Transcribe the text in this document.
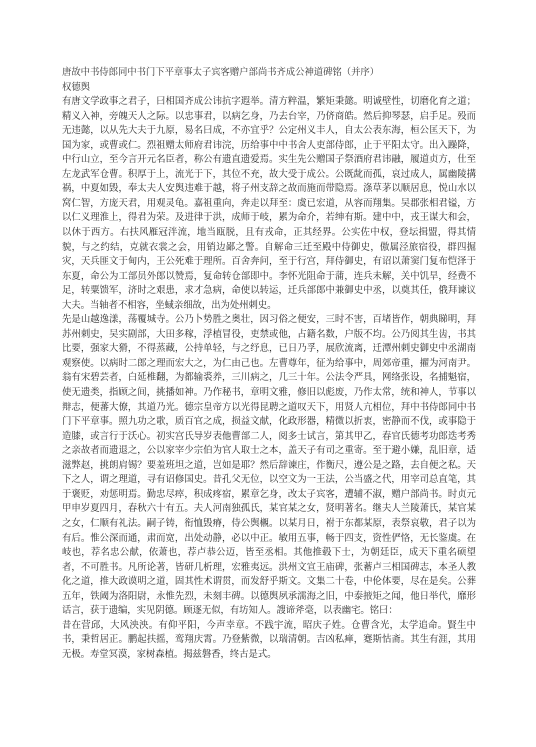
唐故中书侍郎同中书门下平章事太子宾客赠户部尚书齐成公神道碑铭（并序）

权德舆

有唐文学政事之君子，曰相国齐成公讳抗字遐举。清方粹温，繁矩秉懿。明诚壁性，切磨化育之道；精义入神，旁魄天人之际。以忠事君，以病乞身，乃去台宰，乃侪商皓。然后抑琴瑟，启手足。殁而无违懿，以从先大夫于九原，易名曰成，不亦宜乎？公定州义丰人，自太公表东海，桓公匡天下，为国为家，或曹或仁。烈祖赠太师府君讳浣，历给事中中书舍人吏部侍郎，止于平阳太守。出入躁降，中行山立，至今言开元名臣者，称公有遗直遗爱焉。实生先公赠国子祭酒府君讳融，履道贞方，仕至左龙武军仓曹。积厚于上，流光于下，其位不充，故大受于成公。公既龀而孤，哀过成人，属幽陵搆祸，中夏如毁，奉太夫人安舆违难于越，将子州支辞之故而施而带隐焉。涤草茅以顺居息，悦山水以窝仁智，方庞天君，用观灵龟。嘉祖重向，奔走以拜至：虞已宏道，从容而翔集。吴郡张相君镒，方以仁义理淮上，得君为荣。及进律于洪，成师于岐，累为命介，若绅有斯。建中中，戎王谋大和会，以休于西方。右扶风雁冠泮流，地当瓯脱，且有戎命，正其经界。公实佐中权，登坛揖盟，得其情貌，与之约结，克就衣裳之会，用销边鄙之警。自解命三迁至殿中侍御史，傲属泾旅宿役，群四掘灾，天兵匪文于甸内，王公死难于理所。百舍奔问，至于行宫，拜侍御史，有诏以萧窦门复布恺泽于东夏，命公为工部员外郎以赞焉，复命转仓部即中。李怀光阻命于蒲，连兵未解，关中饥旱，经费不足，转粟馈军，济时之艰患，求才急病，命使以转运，迁兵部郎中兼御史中丞，以奠其任，俄拜谏议大夫。当轴者不相容，坐蜮亲细故，出为处州刺史。

先是山越逸漾，荡覆城寺。公乃卜势胜之奥壮，因习俗之便安，三时不害，百堵皆作，朝典睇明，拜苏州刺史，吴实剧部，大田多稼，浮植冒役，吏禁或他，占籍名数，户版不均。公乃阅其生齿，书其比要，强家大猾，不得蒸藏，公持单轻，与之纾息，已日乃孚，展欣流离，迁潭州刺史御史中丞湖南观察使。以病时二郎之理而宏大之，为仁由己也。左曹尊年，征为给事中，周郊帝重，擢为河南尹。翁有宋碧芸者，白延椎翻，为都输裘养，三川病之，几三十年。公法令严具，网络张设，名捕魁宿，使无遗类，指顾之间，挑播如神。乃作秘书，章明文雅，修旧以彪废，乃作太常，统和神人，节事以辩志，便蕃大僚，其道乃光。德宗皇帝方以光得昆聘之道叹天下，用贤人亢相位，拜中书侍郎同中书门下平章事。照九功之歌，质百官之成，损益文献，化政形器，精微以折衷，密静而不伐，或事隐于造膝，或言行于沃心。初实宫氏导岁表他曹部二人，阅多士试言，第其甲乙，春官氏德考功郎迭考秀之亲故者而遗退之，公以家宰少宗伯为官人取士之本，盖天子有司之重寄。至于避小嫌，乱旧章，适滋弊赵，挑朗肩锡？要羞班坦之道，岂如是耶？然后辞谏庄，作衡尺，遵公是之路，去自便之私。天下之人，谓之理道，寻有诏修国史。昔孔父无位，以空文为一王法，公当盛之代，用宰司总直笔，其于褒贬，劝惩明焉。勤忠尽瘁，积成疼宿，累章乞身，改太子宾客，遭辅不淑，赠户部尚书。时贞元甲申岁夏四月，春秋六十有五。夫人河南独孤氏，某官某之女，贤明著名。继夫人兰陵萧氏，某官某之女，仁顺有礼法。嗣子铸，衔恤毁瘠，侍公舆櫬。以某月日，祔于东都某原，表祭哀敬，君子以为有后。惟公深而通，肃而宽，出处动静，必以中正。敏用五事，畅于四支，资性俨恪，无长鉴虞。在岐也，荐名忠公献，依萧也，荐卢恭公迈，皆至丞相。其他推毂下士，为朝廷臣，成天下重名硕望者，不可胜书。凡所论著，皆研几析理，宏雅夷远。洪州文宣王庙碑，张蓄卢三相国碑志，本圣人教化之道，推大政谟明之道，固其性术谓贯，而发舒乎斯文。文集二十卷，中伦体要，尽在是矣。公葬五年，铁阈为洛阳尉，永惟先烈，未刻丰碑。以德舆夙承濡海之旧，中泰掖矩之闻，他日举代，靡形话言，获于遗编，实见阴德。顾逐无似，有坊知人。謏谛斧毫，以表幽宅。铭曰：

昔在营邱，大风泱泱。有仰平阳，今声幸章。不践宇流，昭庆子姓。仓曹含光，太学追命。賢生中书，秉哲居正。鹏起扶摇，鸾翔庆霄。乃登紫微，以瑞清朝。吉凶私瘅，蹇斯怙斋。其生有涯，其用无极。寿堂冥漠，家树森植。揭兹磐香，终古是式。
